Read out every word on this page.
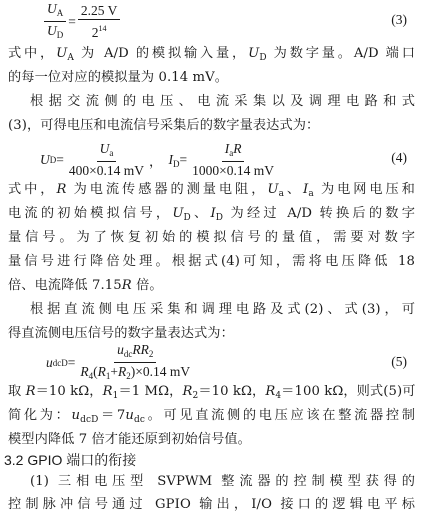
$\frac{U_A}{U_D} = \frac{2.25 V}{2^{14}}$	(3)
式中，$U_A$ 为 A/D 的模拟输入量，$U_D$ 为数字量。A/D 端口
的每一位对应的模拟量为 0.14 mV。
根据交流侧的电压、电流采集以及调理电路和式
(3)，可得电压和电流信号采集后的数字量表达式为：
U $D = \frac{U_a}{400\times 0.14 mV}$ ， $I_D= \frac{I_aR}{1000\times 0.14 mV}$	(4)
式中，R 为电流传感器的测量电阻，$U_a$、$I_a$ 为电网电压和
电流的初始模拟信号，$U_D$、$I_D$ 为经过 A/D 转换后的数字
量信号。为了恢复初始的模拟信号的量值，需要对数字
量信号进行降倍处理。根据式(4)可知，需将电压降低 18
倍、电流降低 7.15R 倍。
根据直流侧电压采集和调理电路及式(2)、式(3)，可
得直流侧电压信号的数字量表达式为：
u dcD = $\frac{u_{dc}RR_2}{R_4(R_1+R_2)\times 0.14 mV}$	(5)
取 R＝10 kΩ，$R_1=1$ MΩ，$R_2=10$ kΩ，$R_4=100$ kΩ，则式(5)可
简化为：$u_{dcD}=7u_{dc}$。可见直流侧的电压应该在整流器控制
模型内降低 7 倍才能还原到初始信号值。
3.2 GPIO 端口的衔接
(1) 三相电压型 SVPWM 整流器的控制模型获得的
控制脉冲信号通过 GPIO 输出，I/O 接口的逻辑电平标
